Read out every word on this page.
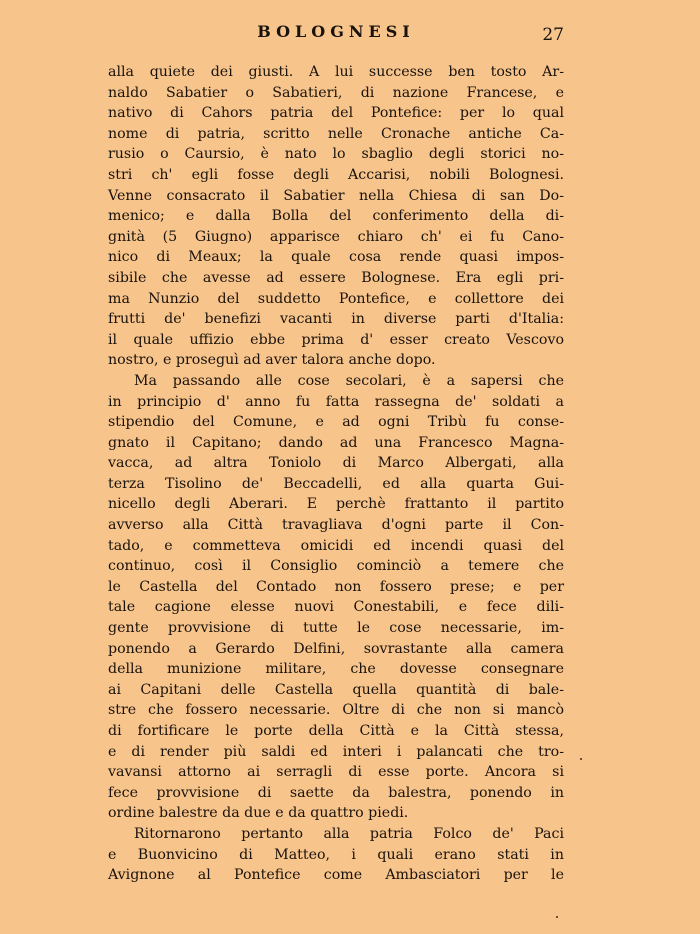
BOLOGNESI	27
alla quiete dei giusti. A lui successe ben tosto Ar-
naldo Sabatier o Sabatieri, di nazione Francese, e
nativo di Cahors patria del Pontefice: per lo qual
nome di patria, scritto nelle Cronache antiche Ca-
rusio o Caursio, è nato lo sbaglio degli storici no-
stri ch' egli fosse degli Accarisi, nobili Bolognesi.
Venne consacrato il Sabatier nella Chiesa di san Do-
menico; e dalla Bolla del conferimento della di-
gnità (5 Giugno) apparisce chiaro ch' ei fu Cano-
nico di Meaux; la quale cosa rende quasi impos-
sibile che avesse ad essere Bolognese. Era egli pri-
ma Nunzio del suddetto Pontefice, e collettore dei
frutti de' benefizi vacanti in diverse parti d'Italia:
il quale uffizio ebbe prima d' esser creato Vescovo
nostro, e proseguì ad aver talora anche dopo.
Ma passando alle cose secolari, è a sapersi che
in principio d' anno fu fatta rassegna de' soldati a
stipendio del Comune, e ad ogni Tribù fu conse-
gnato il Capitano; dando ad una Francesco Magna-
vacca, ad altra Toniolo di Marco Albergati, alla
terza Tisolino de' Beccadelli, ed alla quarta Gui-
nicello degli Aberari. E perchè frattanto il partito
avverso alla Città travagliava d'ogni parte il Con-
tado, e commetteva omicidi ed incendi quasi del
continuo, così il Consiglio cominciò a temere che
le Castella del Contado non fossero prese; e per
tale cagione elesse nuovi Conestabili, e fece dili-
gente provvisione di tutte le cose necessarie, im-
ponendo a Gerardo Delfini, sovrastante alla camera
della munizione militare, che dovesse consegnare
ai Capitani delle Castella quella quantità di bale-
stre che fossero necessarie. Oltre di che non si mancò
di fortificare le porte della Città e la Città stessa,
e di render più saldi ed interi i palancati che tro-
vavansi attorno ai serragli di esse porte. Ancora si
fece provvisione di saette da balestra, ponendo in
ordine balestre da due e da quattro piedi.
Ritornarono pertanto alla patria Folco de' Paci
e Buonvicino di Matteo, i quali erano stati in
Avignone al Pontefice come Ambasciatori per le
